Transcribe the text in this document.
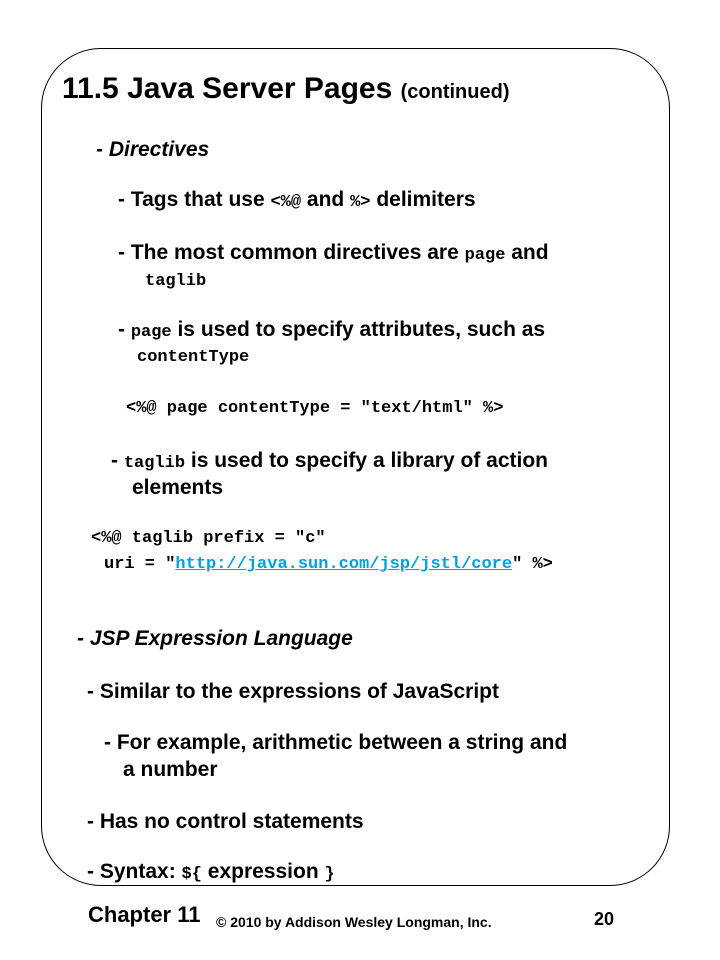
11.5 Java Server Pages (continued)
- Directives
- Tags that use <%@ and %> delimiters
- The most common directives are page and
taglib
- page is used to specify attributes, such as
contentType
<%@ page contentType = "text/html" %>
- taglib is used to specify a library of action
elements
<%@ taglib prefix = "c"
uri = "http://java.sun.com/jsp/jstl/core" %>
- JSP Expression Language
- Similar to the expressions of JavaScript
- For example, arithmetic between a string and
a number
- Has no control statements
- Syntax: ${ expression }
Chapter 11 © 2010 by Addison Wesley Longman, Inc.	20
